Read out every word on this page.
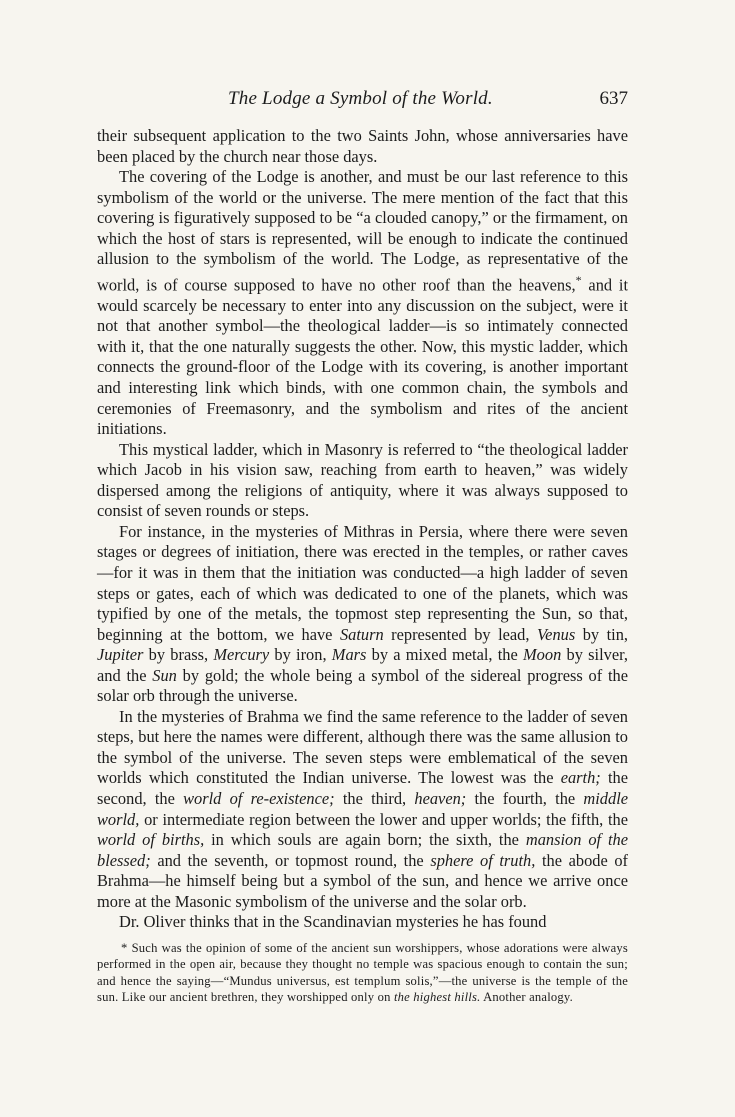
The Lodge a Symbol of the World.	637

their subsequent application to the two Saints John, whose anniversaries have been placed by the church near those days.

The covering of the Lodge is another, and must be our last reference to this symbolism of the world or the universe. The mere mention of the fact that this covering is figuratively supposed to be “a clouded canopy,” or the firmament, on which the host of stars is represented, will be enough to indicate the continued allusion to the symbolism of the world. The Lodge, as representative of the world, is of course supposed to have no other roof than the heavens,* and it would scarcely be necessary to enter into any discussion on the subject, were it not that another symbol—the theological ladder—is so intimately connected with it, that the one naturally suggests the other. Now, this mystic ladder, which connects the ground-floor of the Lodge with its covering, is another important and interesting link which binds, with one common chain, the symbols and ceremonies of Freemasonry, and the symbolism and rites of the ancient initiations.

This mystical ladder, which in Masonry is referred to “the theological ladder which Jacob in his vision saw, reaching from earth to heaven,” was widely dispersed among the religions of antiquity, where it was always supposed to consist of seven rounds or steps.

For instance, in the mysteries of Mithras in Persia, where there were seven stages or degrees of initiation, there was erected in the temples, or rather caves—for it was in them that the initiation was conducted—a high ladder of seven steps or gates, each of which was dedicated to one of the planets, which was typified by one of the metals, the topmost step representing the Sun, so that, beginning at the bottom, we have Saturn represented by lead, Venus by tin, Jupiter by brass, Mercury by iron, Mars by a mixed metal, the Moon by silver, and the Sun by gold; the whole being a symbol of the sidereal progress of the solar orb through the universe.

In the mysteries of Brahma we find the same reference to the ladder of seven steps, but here the names were different, although there was the same allusion to the symbol of the universe. The seven steps were emblematical of the seven worlds which constituted the Indian universe. The lowest was the earth; the second, the world of re-existence; the third, heaven; the fourth, the middle world, or intermediate region between the lower and upper worlds; the fifth, the world of births, in which souls are again born; the sixth, the mansion of the blessed; and the seventh, or topmost round, the sphere of truth, the abode of Brahma—he himself being but a symbol of the sun, and hence we arrive once more at the Masonic symbolism of the universe and the solar orb.

Dr. Oliver thinks that in the Scandinavian mysteries he has found

* Such was the opinion of some of the ancient sun worshippers, whose adorations were always performed in the open air, because they thought no temple was spacious enough to contain the sun; and hence the saying—“Mundus universus, est templum solis,”—the universe is the temple of the sun. Like our ancient brethren, they worshipped only on the highest hills. Another analogy.
